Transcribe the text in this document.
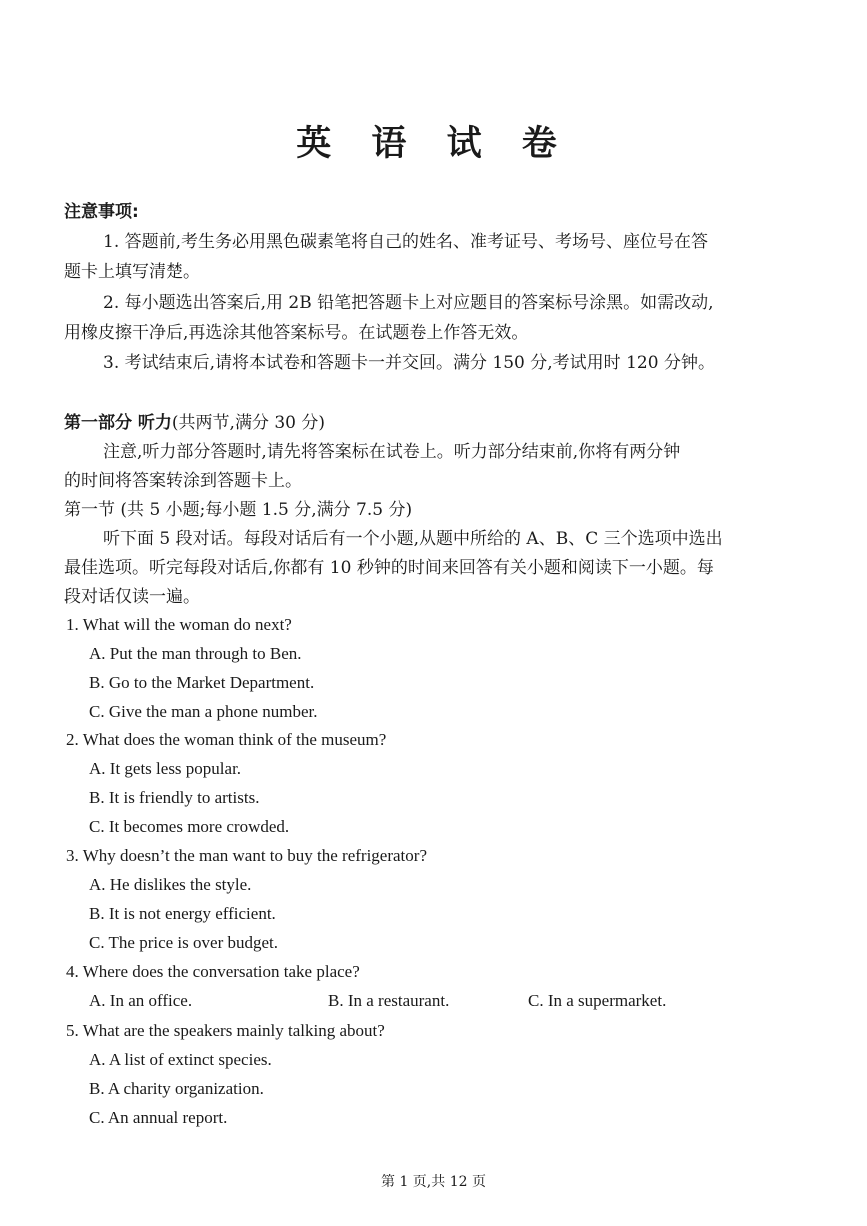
英 语 试 卷
注意事项:
1. 答题前,考生务必用黑色碳素笔将自己的姓名、准考证号、考场号、座位号在答
题卡上填写清楚。
2. 每小题选出答案后,用 2B 铅笔把答题卡上对应题目的答案标号涂黑。如需改动,
用橡皮擦干净后,再选涂其他答案标号。在试题卷上作答无效。
3. 考试结束后,请将本试卷和答题卡一并交回。满分 150 分,考试用时 120 分钟。
第一部分 听力(共两节,满分 30 分)
注意,听力部分答题时,请先将答案标在试卷上。听力部分结束前,你将有两分钟
的时间将答案转涂到答题卡上。
第一节 (共 5 小题;每小题 1.5 分,满分 7.5 分)
听下面 5 段对话。每段对话后有一个小题,从题中所给的 A、B、C 三个选项中选出
最佳选项。听完每段对话后,你都有 10 秒钟的时间来回答有关小题和阅读下一小题。每
段对话仅读一遍。
1. What will the woman do next?
A. Put the man through to Ben.
B. Go to the Market Department.
C. Give the man a phone number.
2. What does the woman think of the museum?
A. It gets less popular.
B. It is friendly to artists.
C. It becomes more crowded.
3. Why doesn’t the man want to buy the refrigerator?
A. He dislikes the style.
B. It is not energy efficient.
C. The price is over budget.
4. Where does the conversation take place?
A. In an office.	B. In a restaurant.	C. In a supermarket.
5. What are the speakers mainly talking about?
A. A list of extinct species.
B. A charity organization.
C. An annual report.
第 1 页,共 12 页
